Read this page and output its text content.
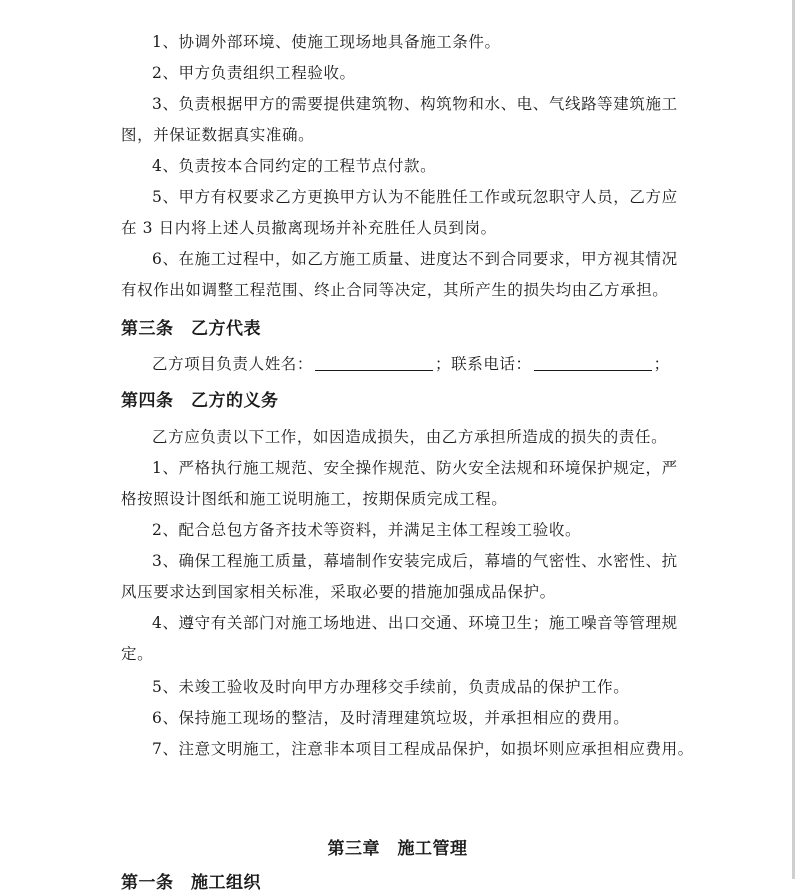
1、协调外部环境、使施工现场地具备施工条件。
2、甲方负责组织工程验收。
3、负责根据甲方的需要提供建筑物、构筑物和水、电、气线路等建筑施工
图，并保证数据真实准确。
4、负责按本合同约定的工程节点付款。
5、甲方有权要求乙方更换甲方认为不能胜任工作或玩忽职守人员，乙方应
在 3 日内将上述人员撤离现场并补充胜任人员到岗。
6、在施工过程中，如乙方施工质量、进度达不到合同要求，甲方视其情况
有权作出如调整工程范围、终止合同等决定，其所产生的损失均由乙方承担。
第三条　乙方代表
乙方项目负责人姓名：	；联系电话：	；
第四条　乙方的义务
乙方应负责以下工作，如因造成损失，由乙方承担所造成的损失的责任。
1、严格执行施工规范、安全操作规范、防火安全法规和环境保护规定，严
格按照设计图纸和施工说明施工，按期保质完成工程。
2、配合总包方备齐技术等资料，并满足主体工程竣工验收。
3、确保工程施工质量，幕墙制作安装完成后，幕墙的气密性、水密性、抗
风压要求达到国家相关标准，采取必要的措施加强成品保护。
4、遵守有关部门对施工场地进、出口交通、环境卫生；施工噪音等管理规
定。
5、未竣工验收及时向甲方办理移交手续前，负责成品的保护工作。
6、保持施工现场的整洁，及时清理建筑垃圾，并承担相应的费用。
7、注意文明施工，注意非本项目工程成品保护，如损坏则应承担相应费用。
第三章　施工管理
第一条　施工组织
